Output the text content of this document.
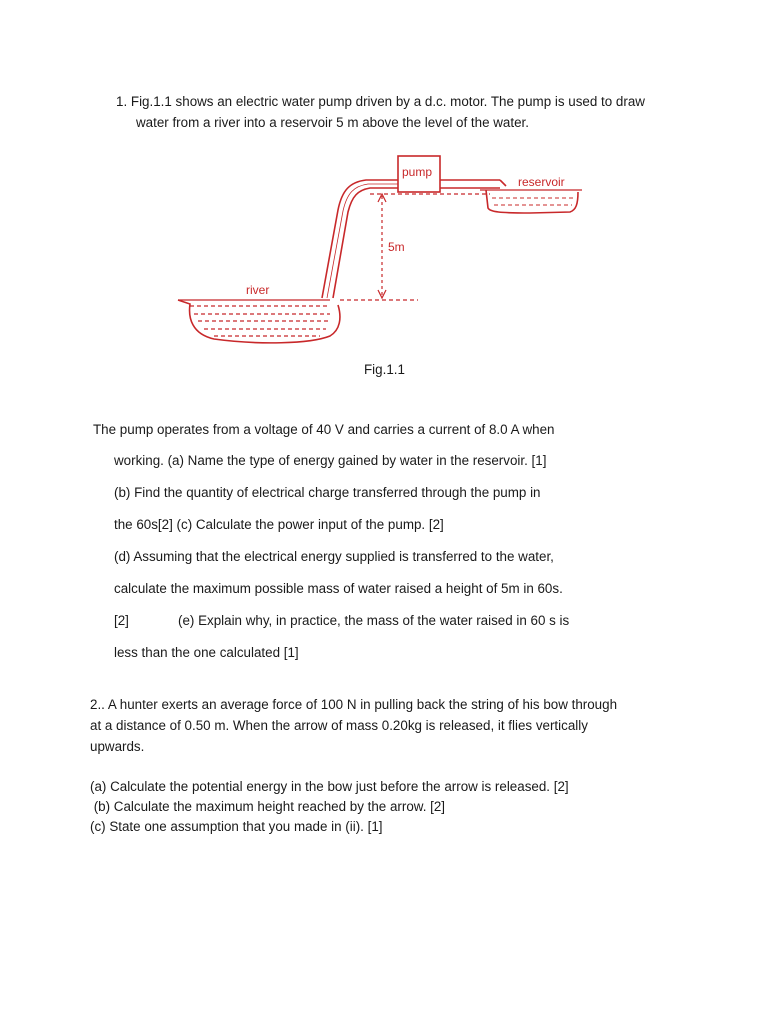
1. Fig.1.1 shows an electric water pump driven by a d.c. motor. The pump is used to draw
water from a river into a reservoir 5 m above the level of the water.
pump
reservoir
5m
river
Fig.1.1
The pump operates from a voltage of 40 V and carries a current of 8.0 A when
working. (a) Name the type of energy gained by water in the reservoir. [1]
(b) Find the quantity of electrical charge transferred through the pump in
the 60s[2] (c) Calculate the power input of the pump. [2]
(d) Assuming that the electrical energy supplied is transferred to the water,
calculate the maximum possible mass of water raised a height of 5m in 60s.
[2]	(e) Explain why, in practice, the mass of the water raised in 60 s is
less than the one calculated [1]
2.. A hunter exerts an average force of 100 N in pulling back the string of his bow through
at a distance of 0.50 m. When the arrow of mass 0.20kg is released, it flies vertically
upwards.
(a) Calculate the potential energy in the bow just before the arrow is released. [2]
(b) Calculate the maximum height reached by the arrow. [2]
(c) State one assumption that you made in (ii). [1]
